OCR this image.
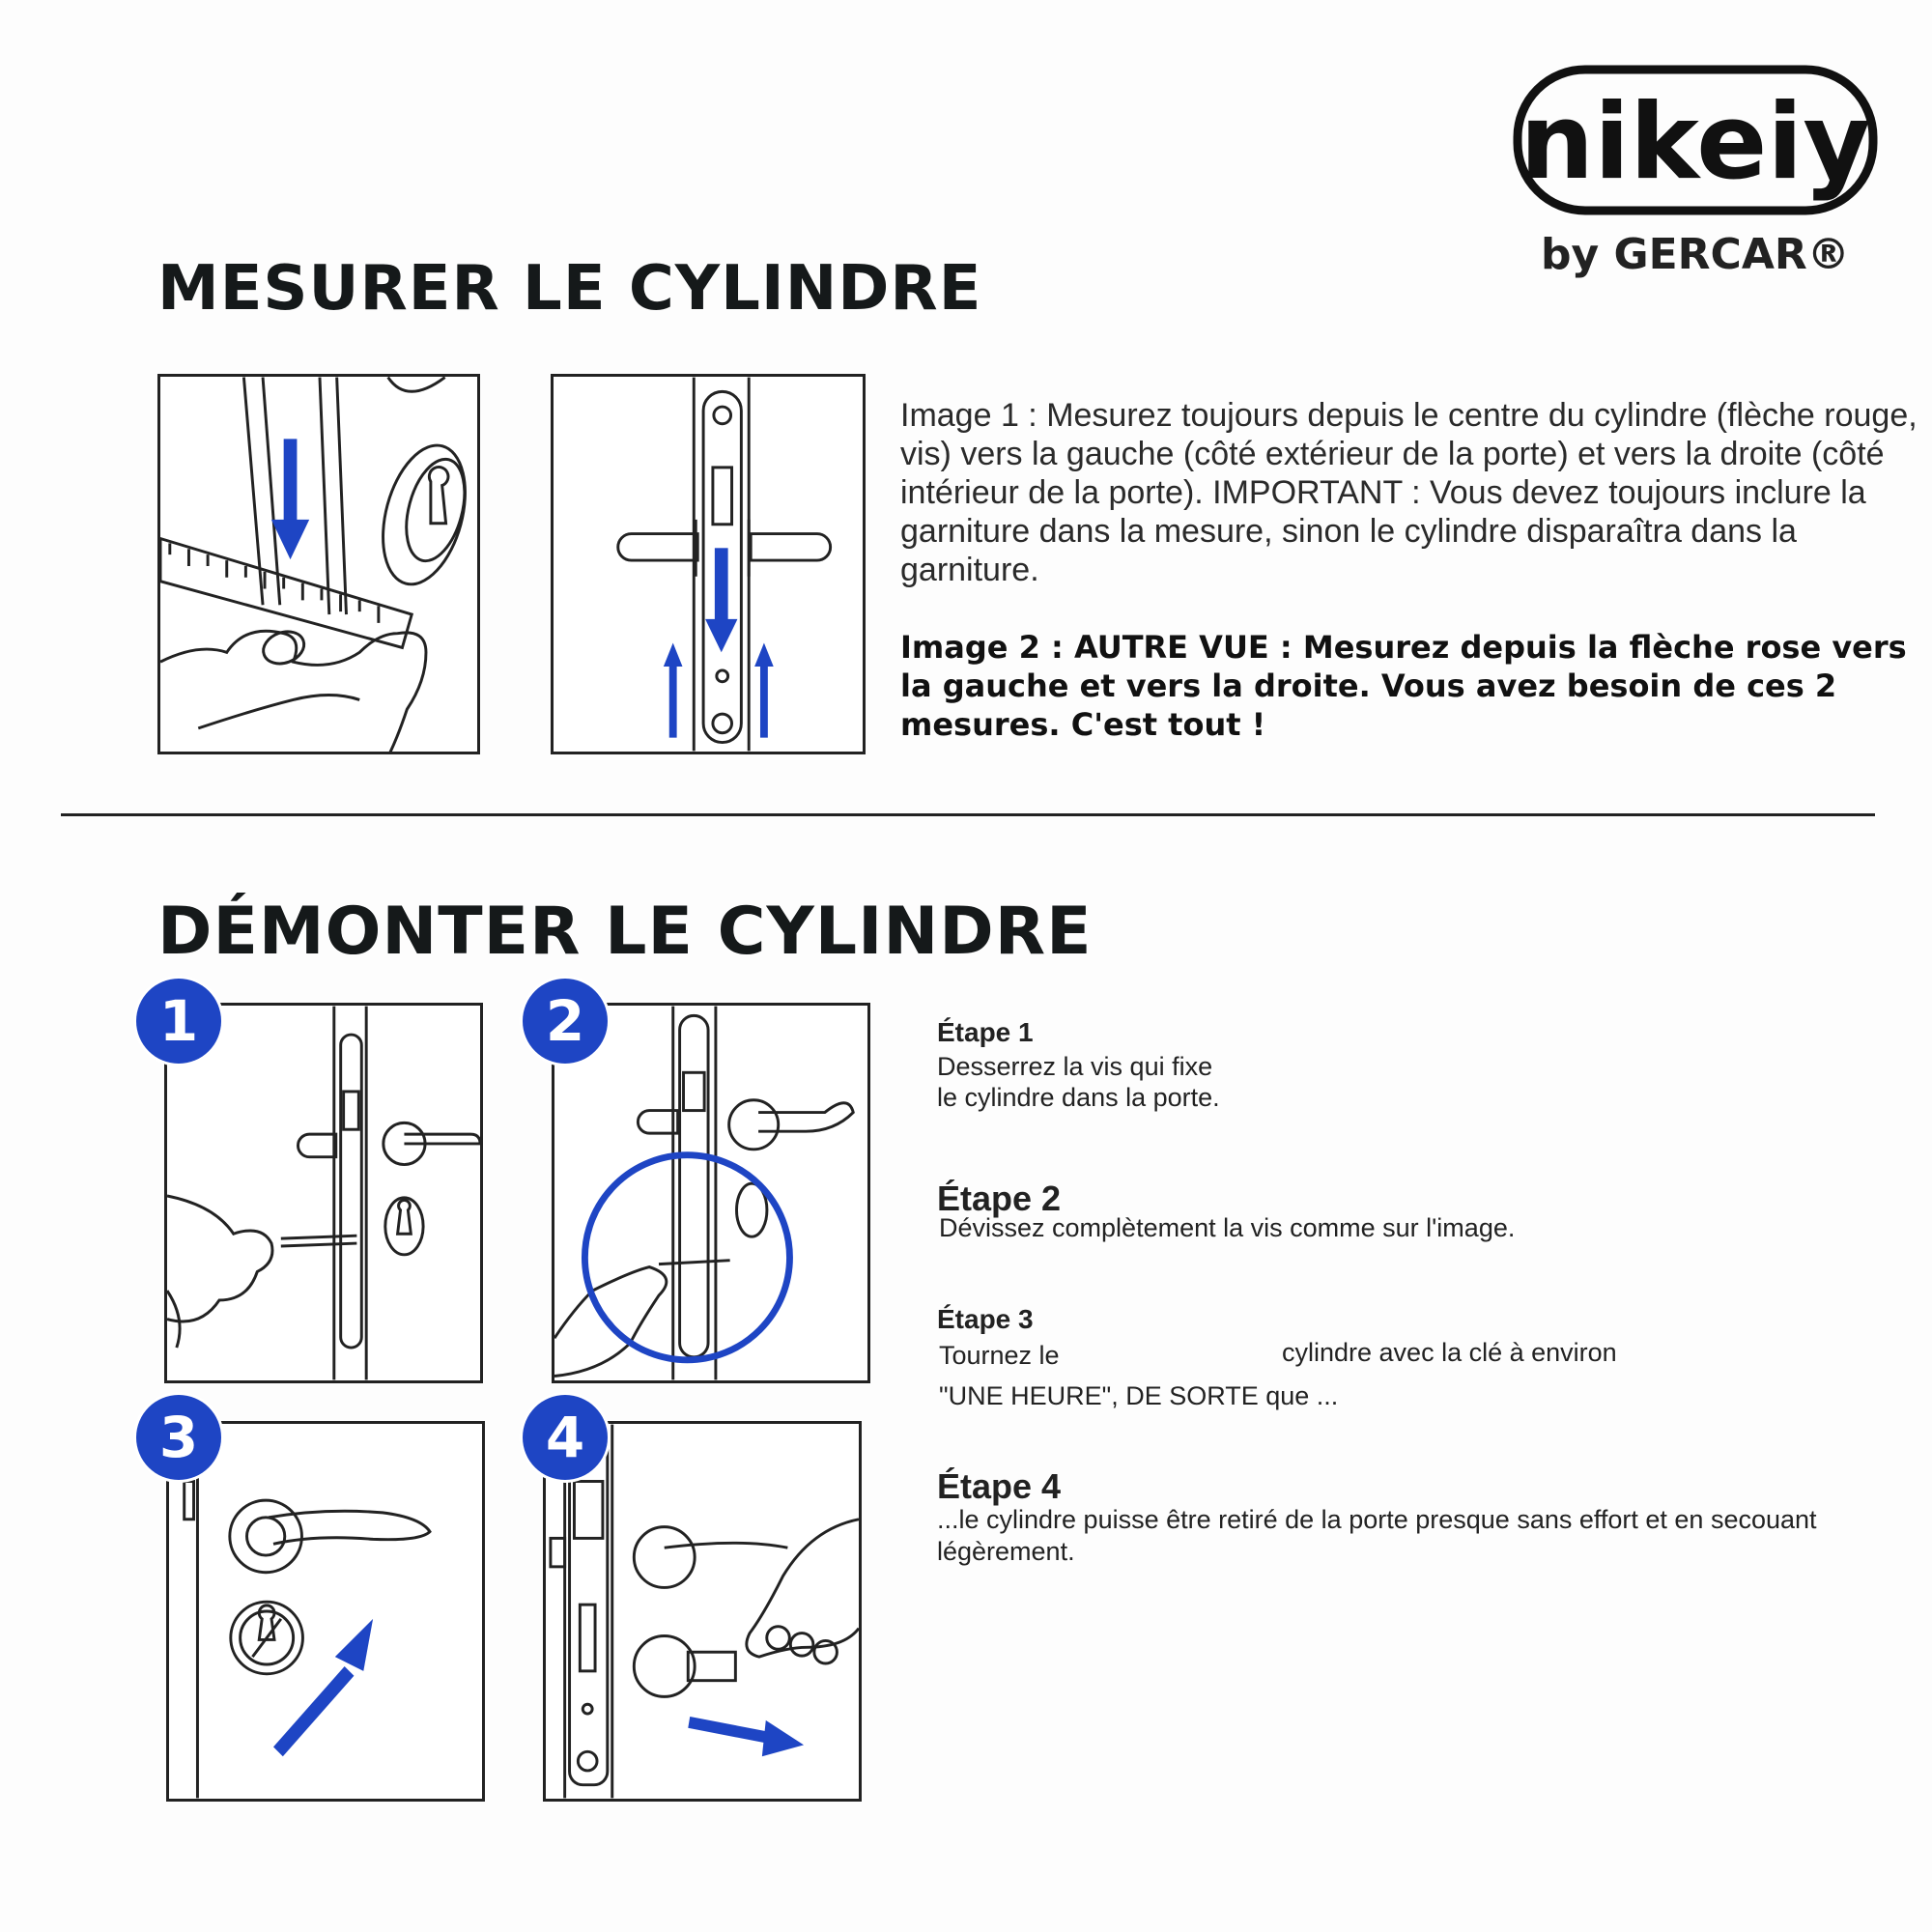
nikeiy
by GERCAR®
MESURER LE CYLINDRE
Image 1 : Mesurez toujours depuis le centre du cylindre (flèche rouge, vis) vers la gauche (côté extérieur de la porte) et vers la droite (côté intérieur de la porte). IMPORTANT : Vous devez toujours inclure la garniture dans la mesure, sinon le cylindre disparaîtra dans la garniture.
Image 2 : AUTRE VUE : Mesurez depuis la flèche rose vers la gauche et vers la droite. Vous avez besoin de ces 2 mesures. C'est tout !
DÉMONTER LE CYLINDRE
1	2
3	4
Étape 1
Desserrez la vis qui fixe
le cylindre dans la porte.
Étape 2
Dévissez complètement la vis comme sur l'image.
Étape 3
Tournez le	cylindre avec la clé à environ
"UNE HEURE", DE SORTE que ...
Étape 4
...le cylindre puisse être retiré de la porte presque sans effort et en secouant
légèrement.
